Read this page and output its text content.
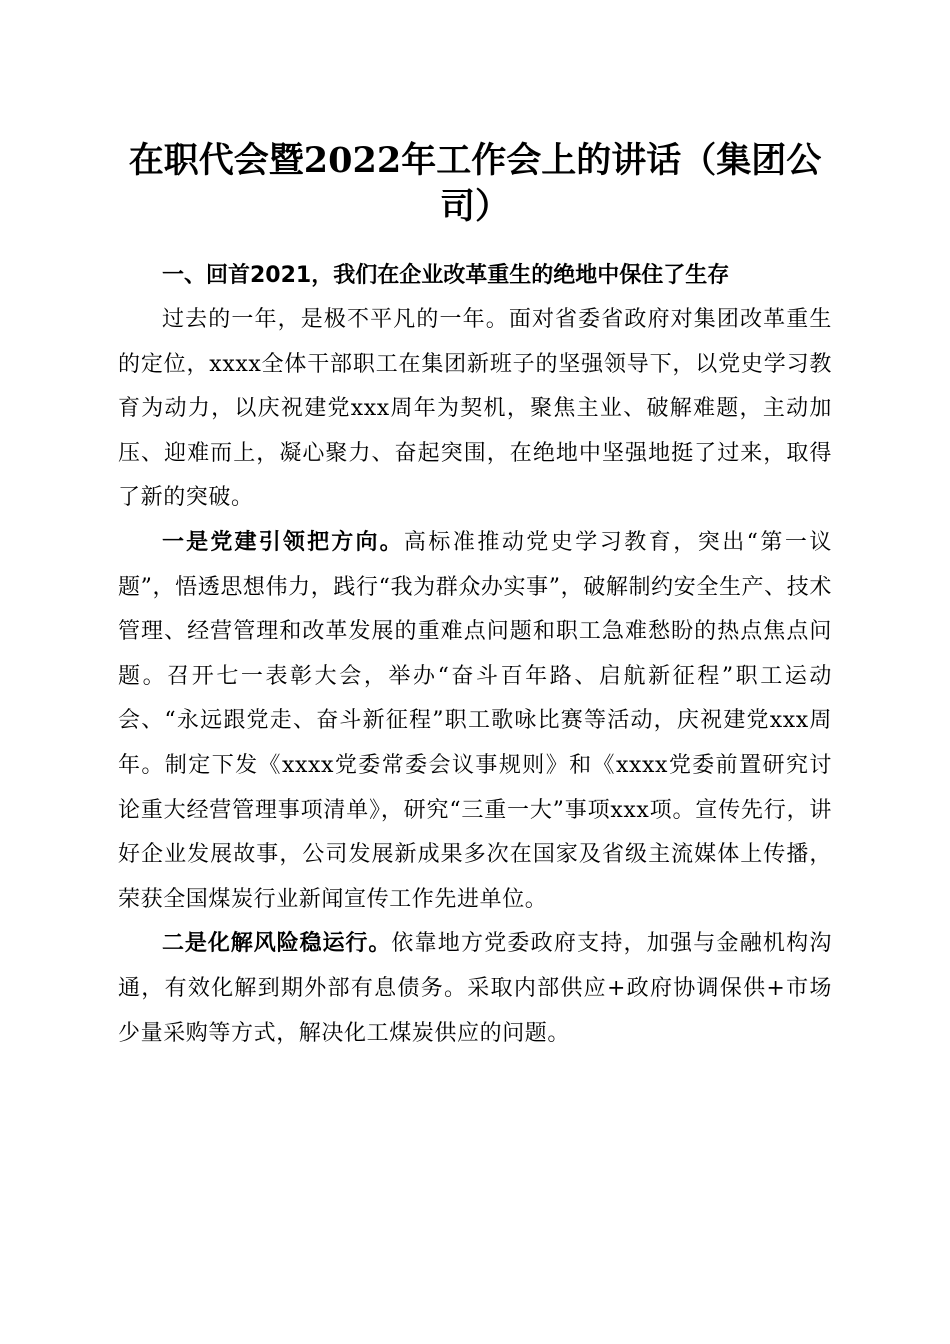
在职代会暨2022年工作会上的讲话（集团公司）

一、回首2021，我们在企业改革重生的绝地中保住了生存

过去的一年，是极不平凡的一年。面对省委省政府对集团改革重生的定位，xxxx全体干部职工在集团新班子的坚强领导下，以党史学习教育为动力，以庆祝建党xxx周年为契机，聚焦主业、破解难题，主动加压、迎难而上，凝心聚力、奋起突围，在绝地中坚强地挺了过来，取得了新的突破。

一是党建引领把方向。高标准推动党史学习教育，突出“第一议题”，悟透思想伟力，践行“我为群众办实事”，破解制约安全生产、技术管理、经营管理和改革发展的重难点问题和职工急难愁盼的热点焦点问题。召开七一表彰大会，举办“奋斗百年路、启航新征程”职工运动会、“永远跟党走、奋斗新征程”职工歌咏比赛等活动，庆祝建党xxx周年。制定下发《xxxx党委常委会议事规则》和《xxxx党委前置研究讨论重大经营管理事项清单》，研究“三重一大”事项xxx项。宣传先行，讲好企业发展故事，公司发展新成果多次在国家及省级主流媒体上传播，荣获全国煤炭行业新闻宣传工作先进单位。

二是化解风险稳运行。依靠地方党委政府支持，加强与金融机构沟通，有效化解到期外部有息债务。采取内部供应+政府协调保供+市场少量采购等方式，解决化工煤炭供应的问题。
